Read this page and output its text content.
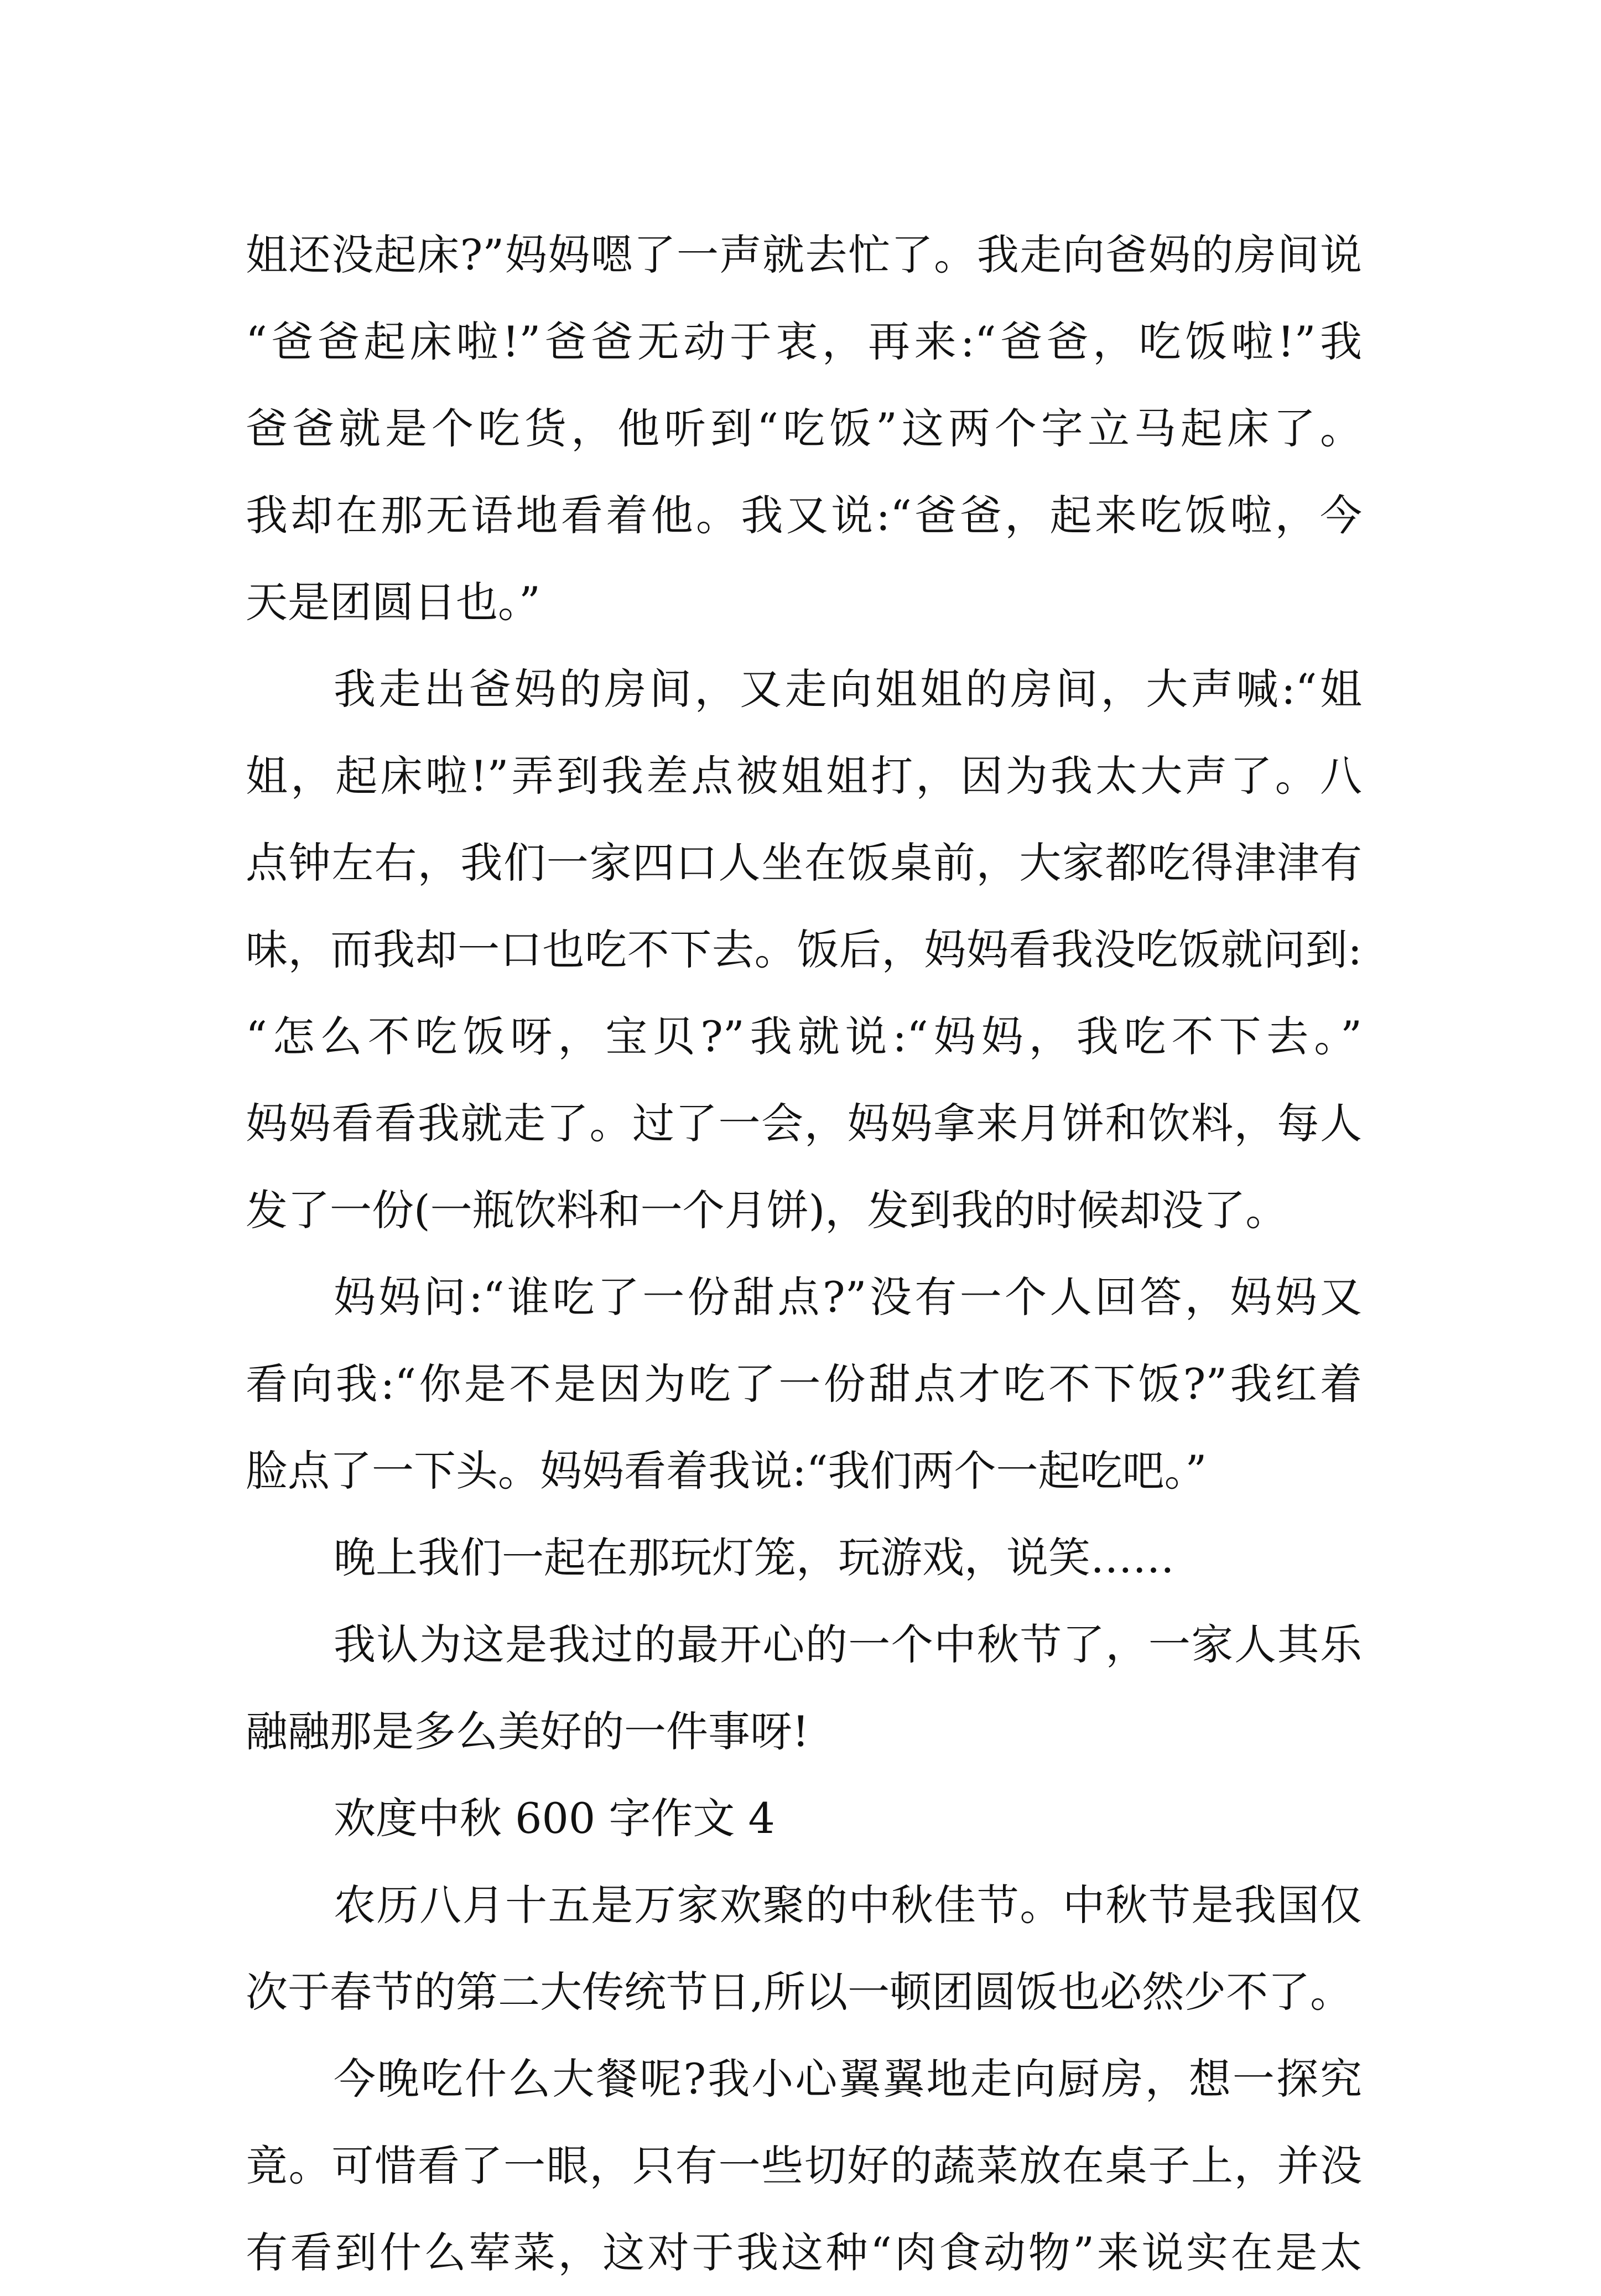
姐还没起床?”妈妈嗯了一声就去忙了。我走向爸妈的房间说
“爸爸起床啦!”爸爸无动于衷，再来:“爸爸，吃饭啦!”我
爸爸就是个吃货，他听到“吃饭”这两个字立马起床了。
我却在那无语地看着他。我又说:“爸爸，起来吃饭啦，今
天是团圆日也。”
我走出爸妈的房间，又走向姐姐的房间，大声喊:“姐
姐，起床啦!”弄到我差点被姐姐打，因为我太大声了。八
点钟左右，我们一家四口人坐在饭桌前，大家都吃得津津有
味，而我却一口也吃不下去。饭后，妈妈看我没吃饭就问到:
“怎么不吃饭呀，宝贝?”我就说:“妈妈，我吃不下去。”
妈妈看看我就走了。过了一会，妈妈拿来月饼和饮料，每人
发了一份(一瓶饮料和一个月饼)，发到我的时候却没了。
妈妈问:“谁吃了一份甜点?”没有一个人回答，妈妈又
看向我:“你是不是因为吃了一份甜点才吃不下饭?”我红着
脸点了一下头。妈妈看着我说:“我们两个一起吃吧。”
晚上我们一起在那玩灯笼，玩游戏，说笑……
我认为这是我过的最开心的一个中秋节了，一家人其乐
融融那是多么美好的一件事呀!
欢度中秋 600 字作文 4
农历八月十五是万家欢聚的中秋佳节。中秋节是我国仅
次于春节的第二大传统节日,所以一顿团圆饭也必然少不了。
今晚吃什么大餐呢?我小心翼翼地走向厨房，想一探究
竟。可惜看了一眼，只有一些切好的蔬菜放在桌子上，并没
有看到什么荤菜，这对于我这种“肉食动物”来说实在是太
